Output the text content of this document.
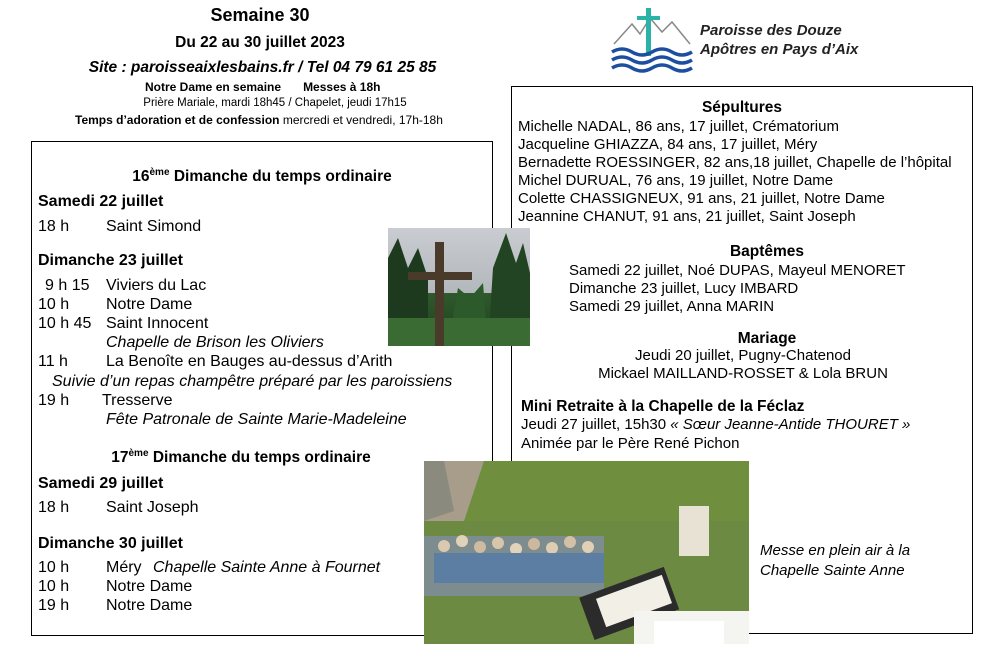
Semaine 30
Du 22 au 30 juillet 2023
Site : paroisseaixlesbains.fr / Tel 04 79 61 25 85
Notre Dame en semaine Messes à 18h
Prière Mariale, mardi 18h45 / Chapelet, jeudi 17h15
Temps d’adoration et de confession mercredi et vendredi, 17h-18h
Paroisse des Douze
Apôtres en Pays d’Aix
16ème Dimanche du temps ordinaire
Samedi 22 juillet
18 h Saint Simond
Dimanche 23 juillet
9 h 15 Viviers du Lac
10 h Notre Dame
10 h 45 Saint Innocent
Chapelle de Brison les Oliviers
11 h La Benoîte en Bauges au-dessus d’Arith
Suivie d’un repas champêtre préparé par les paroissiens
19 h Tresserve
Fête Patronale de Sainte Marie-Madeleine
17ème Dimanche du temps ordinaire
Samedi 29 juillet
18 h Saint Joseph
Dimanche 30 juillet
10 h Méry Chapelle Sainte Anne à Fournet
10 h Notre Dame
19 h Notre Dame
Sépultures
Michelle NADAL, 86 ans, 17 juillet, Crématorium
Jacqueline GHIAZZA, 84 ans, 17 juillet, Méry
Bernadette ROESSINGER, 82 ans,18 juillet, Chapelle de l’hôpital
Michel DURUAL, 76 ans, 19 juillet, Notre Dame
Colette CHASSIGNEUX, 91 ans, 21 juillet, Notre Dame
Jeannine CHANUT, 91 ans, 21 juillet, Saint Joseph
Baptêmes
Samedi 22 juillet, Noé DUPAS, Mayeul MENORET
Dimanche 23 juillet, Lucy IMBARD
Samedi 29 juillet, Anna MARIN
Mariage
Jeudi 20 juillet, Pugny-Chatenod
Mickael MAILLAND-ROSSET & Lola BRUN
Mini Retraite à la Chapelle de la Féclaz
Jeudi 27 juillet, 15h30 « Sœur Jeanne-Antide THOURET »
Animée par le Père René Pichon
Messe en plein air à la
Chapelle Sainte Anne
